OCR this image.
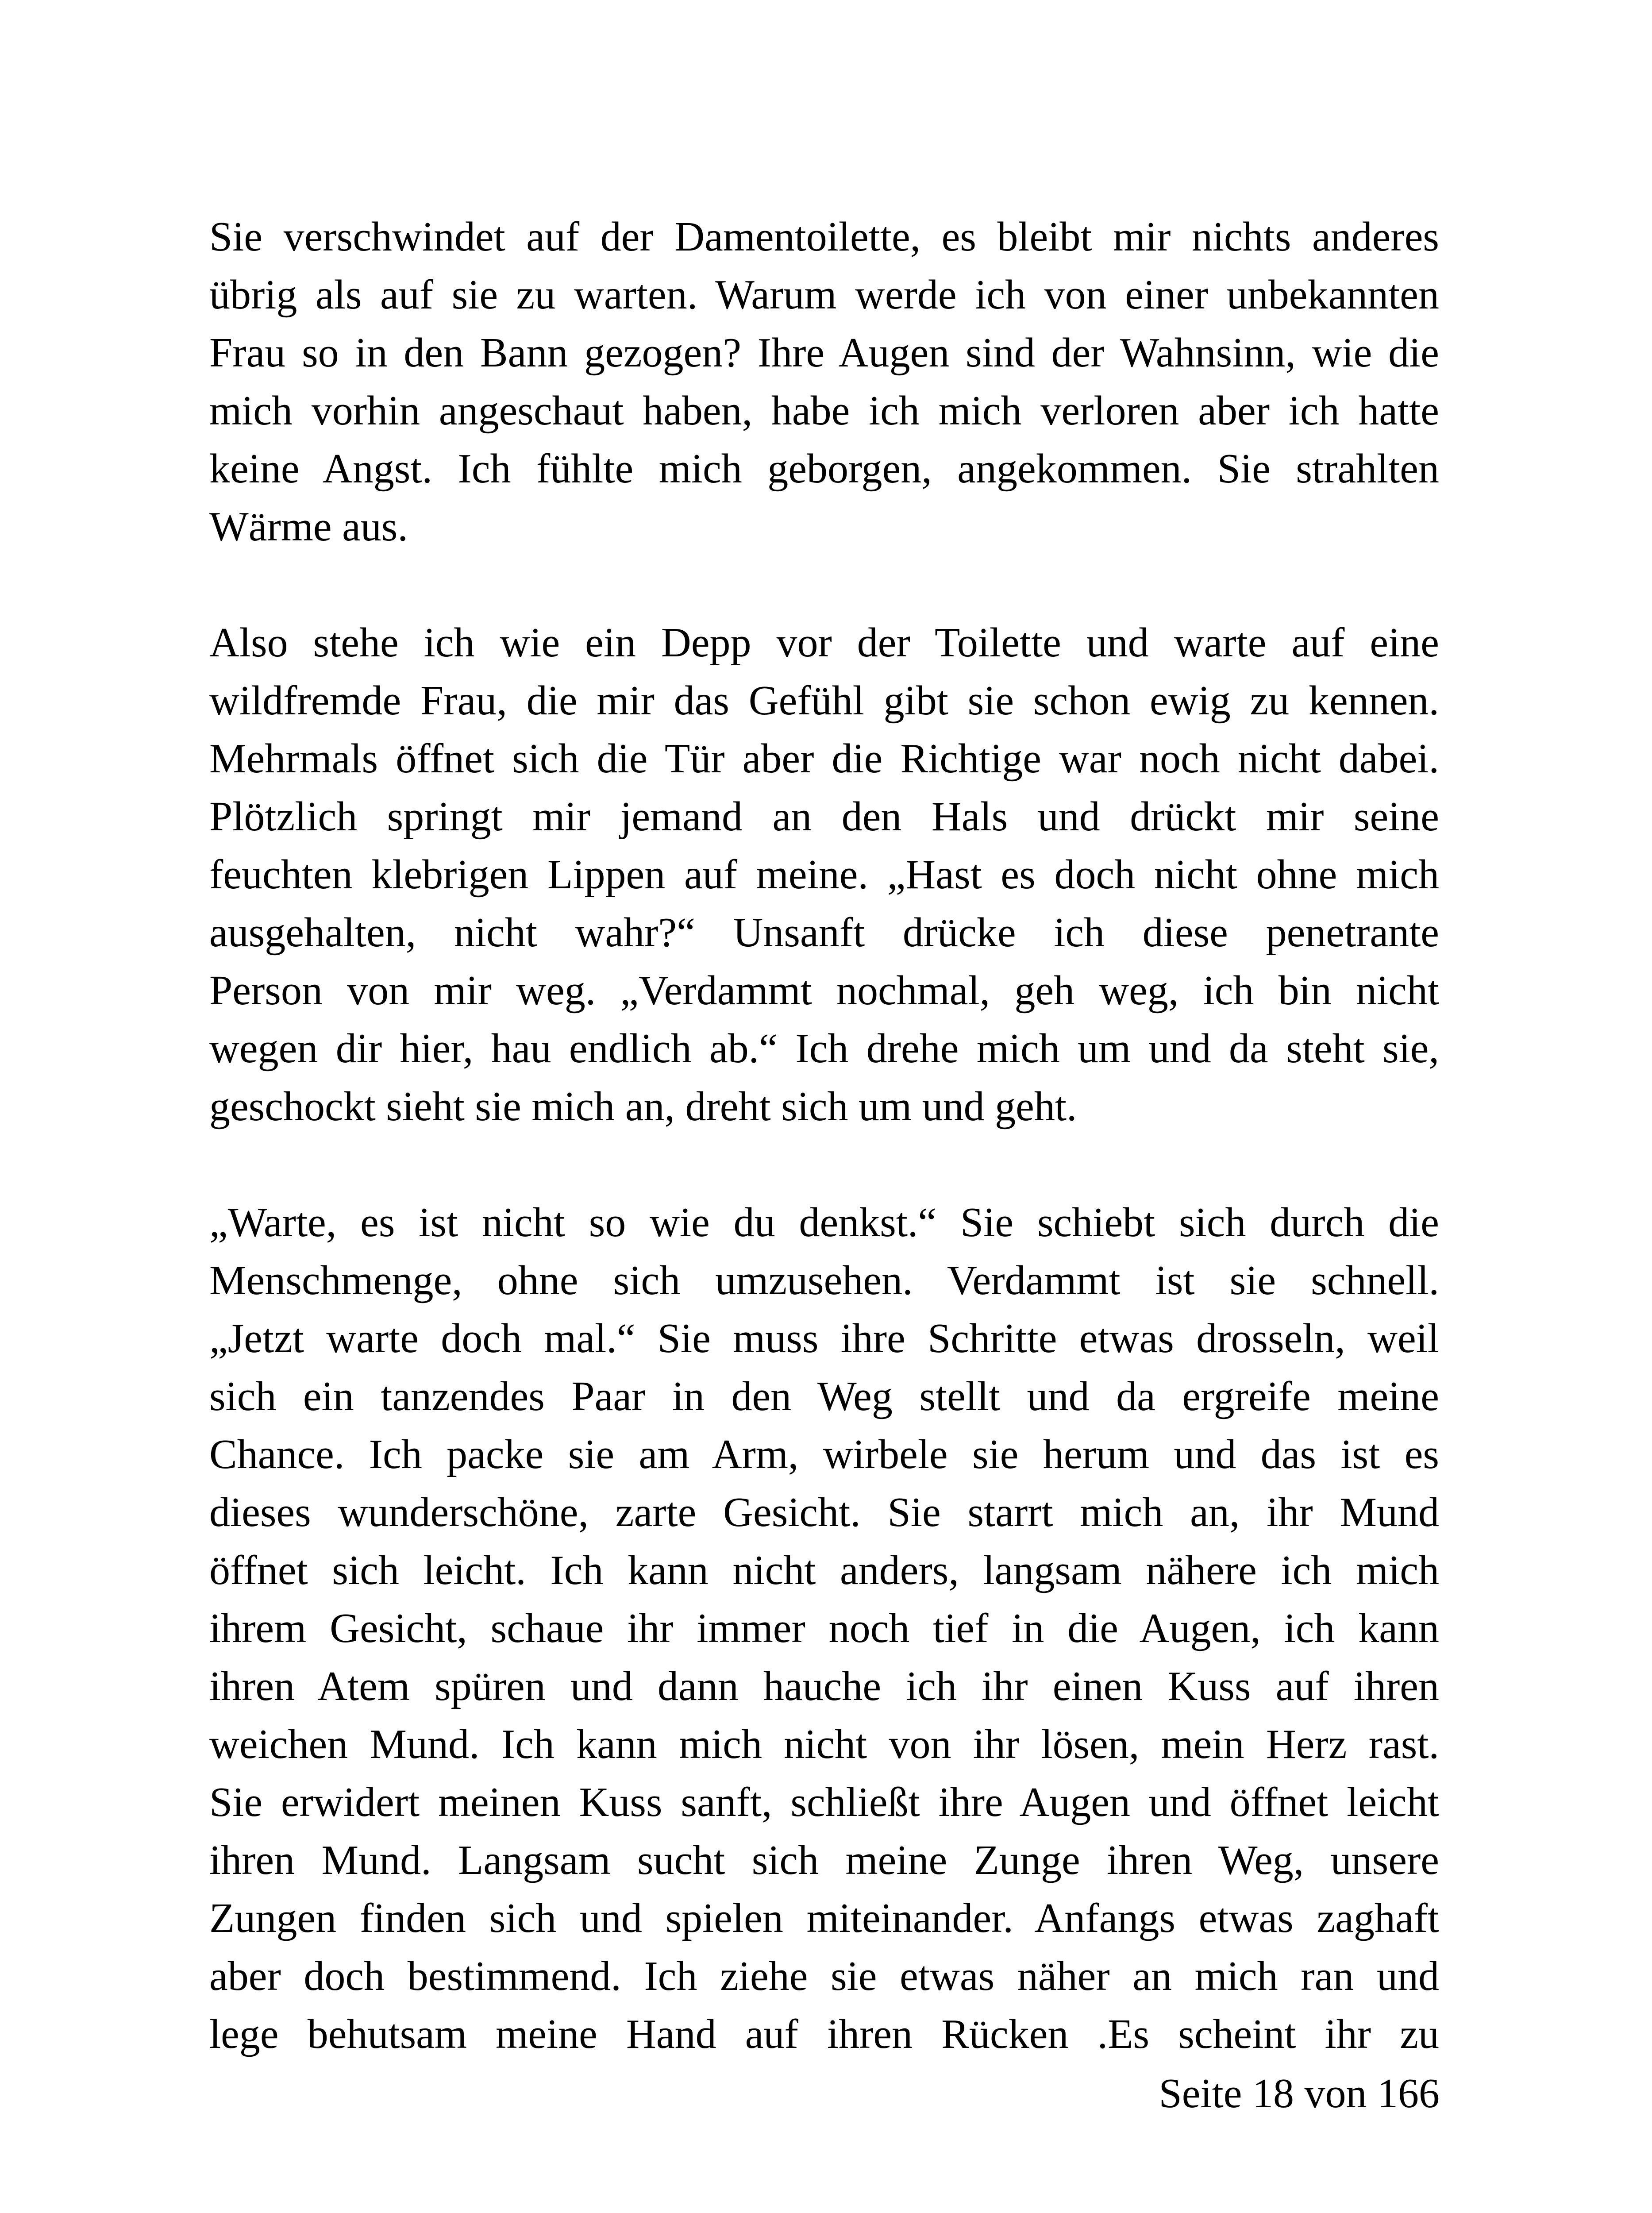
Sie verschwindet auf der Damentoilette, es bleibt mir nichts anderes
übrig als auf sie zu warten. Warum werde ich von einer unbekannten
Frau so in den Bann gezogen? Ihre Augen sind der Wahnsinn, wie die
mich vorhin angeschaut haben, habe ich mich verloren aber ich hatte
keine Angst. Ich fühlte mich geborgen, angekommen. Sie strahlten
Wärme aus.
Also stehe ich wie ein Depp vor der Toilette und warte auf eine
wildfremde Frau, die mir das Gefühl gibt sie schon ewig zu kennen.
Mehrmals öffnet sich die Tür aber die Richtige war noch nicht dabei.
Plötzlich springt mir jemand an den Hals und drückt mir seine
feuchten klebrigen Lippen auf meine. „Hast es doch nicht ohne mich
ausgehalten, nicht wahr?“ Unsanft drücke ich diese penetrante
Person von mir weg. „Verdammt nochmal, geh weg, ich bin nicht
wegen dir hier, hau endlich ab.“ Ich drehe mich um und da steht sie,
geschockt sieht sie mich an, dreht sich um und geht.
„Warte, es ist nicht so wie du denkst.“ Sie schiebt sich durch die
Menschmenge, ohne sich umzusehen. Verdammt ist sie schnell.
„Jetzt warte doch mal.“ Sie muss ihre Schritte etwas drosseln, weil
sich ein tanzendes Paar in den Weg stellt und da ergreife meine
Chance. Ich packe sie am Arm, wirbele sie herum und das ist es
dieses wunderschöne, zarte Gesicht. Sie starrt mich an, ihr Mund
öffnet sich leicht. Ich kann nicht anders, langsam nähere ich mich
ihrem Gesicht, schaue ihr immer noch tief in die Augen, ich kann
ihren Atem spüren und dann hauche ich ihr einen Kuss auf ihren
weichen Mund. Ich kann mich nicht von ihr lösen, mein Herz rast.
Sie erwidert meinen Kuss sanft, schließt ihre Augen und öffnet leicht
ihren Mund. Langsam sucht sich meine Zunge ihren Weg, unsere
Zungen finden sich und spielen miteinander. Anfangs etwas zaghaft
aber doch bestimmend. Ich ziehe sie etwas näher an mich ran und
lege behutsam meine Hand auf ihren Rücken .Es scheint ihr zu
Seite 18 von 166
